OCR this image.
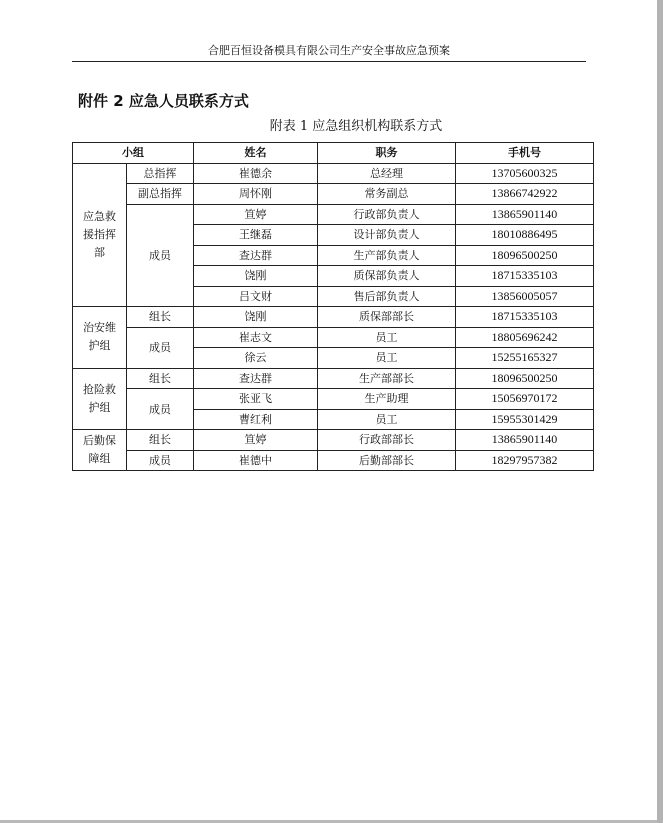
合肥百恒设备模具有限公司生产安全事故应急预案
附件 2 应急人员联系方式
附表 1 应急组织机构联系方式
小组		姓名	职务	手机号
应急救援指挥部	总指挥	崔德余	总经理	13705600325
	副总指挥	周怀刚	常务副总	13866742922
	成员	笪婷	行政部负责人	13865901140
		王继磊	设计部负责人	18010886495
		查达群	生产部负责人	18096500250
		饶刚	质保部负责人	18715335103
		吕文财	售后部负责人	13856005057
治安维护组	组长	饶刚	质保部部长	18715335103
	成员	崔志文	员工	18805696242
		徐云	员工	15255165327
抢险救护组	组长	查达群	生产部部长	18096500250
	成员	张亚飞	生产助理	15056970172
		曹红利	员工	15955301429
后勤保障组	组长	笪婷	行政部部长	13865901140
	成员	崔德中	后勤部部长	18297957382
